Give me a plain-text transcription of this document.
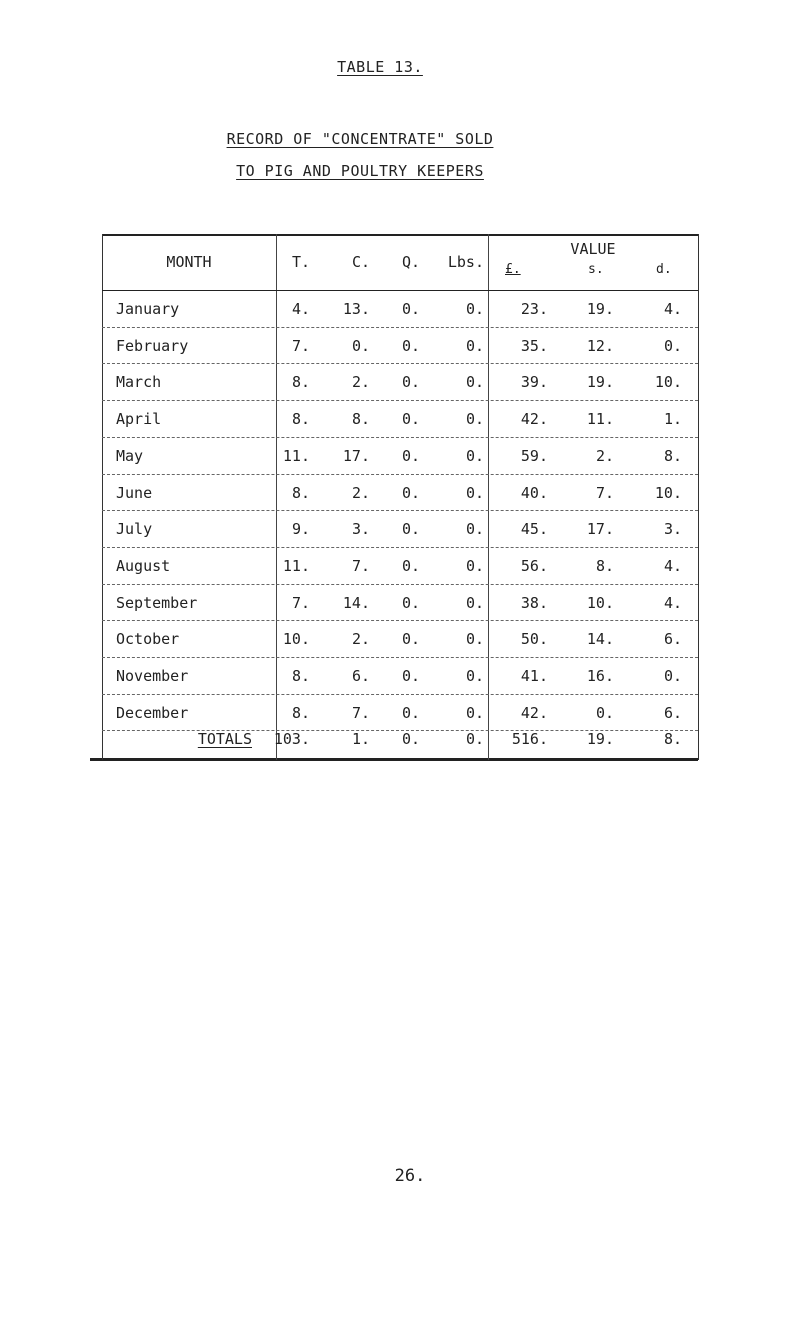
TABLE 13.
RECORD OF "CONCENTRATE" SOLD
TO PIG AND POULTRY KEEPERS
MONTH	T.	C.	Q.	Lbs.
VALUE
£.	s.	d.
January	4.	13.	0.	0.	23.	19.	4.
February	7.	0.	0.	0.	35.	12.	0.
March	8.	2.	0.	0.	39.	19.	10.
April	8.	8.	0.	0.	42.	11.	1.
May	11.	17.	0.	0.	59.	2.	8.
June	8.	2.	0.	0.	40.	7.	10.
July	9.	3.	0.	0.	45.	17.	3.
August	11.	7.	0.	0.	56.	8.	4.
September	7.	14.	0.	0.	38.	10.	4.
October	10.	2.	0.	0.	50.	14.	6.
November	8.	6.	0.	0.	41.	16.	0.
December	8.	7.	0.	0.	42.	0.	6.
TOTALS	103.	1.	0.	0.	516.	19.	8.
26.
